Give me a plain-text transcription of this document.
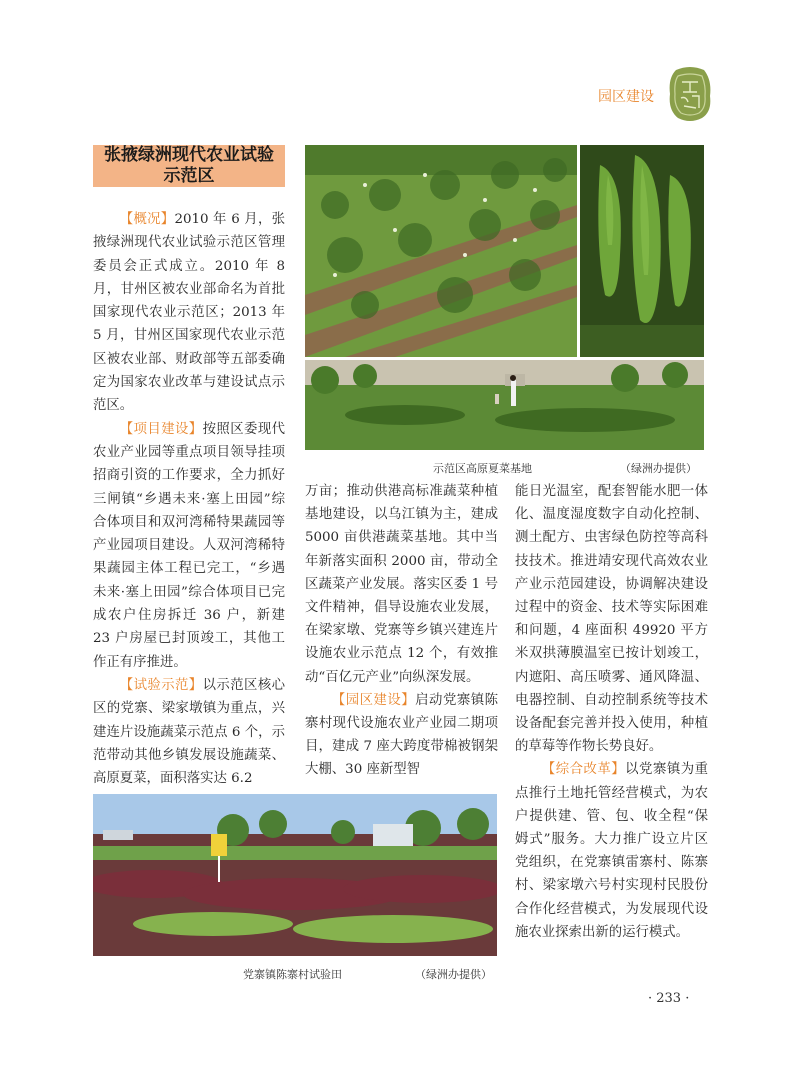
园区建设
张掖绿洲现代农业试验
示范区

【概况】2010 年 6 月，张掖绿洲现代农业试验示范区管理委员会正式成立。2010 年 8 月，甘州区被农业部命名为首批国家现代农业示范区；2013 年 5 月，甘州区国家现代农业示范区被农业部、财政部等五部委确定为国家农业改革与建设试点示范区。

【项目建设】按照区委现代农业产业园等重点项目领导挂项招商引资的工作要求，全力抓好三闸镇“乡遇未来·塞上田园”综合体项目和双河湾稀特果蔬园等产业园项目建设。人双河湾稀特果蔬园主体工程已完工，“乡遇未来·塞上田园”综合体项目已完成农户住房拆迁 36 户，新建 23 户房屋已封顶竣工，其他工作正有序推进。

【试验示范】以示范区核心区的党寨、梁家墩镇为重点，兴建连片设施蔬菜示范点 6 个，示范带动其他乡镇发展设施蔬菜、高原夏菜，面积落实达 6.2

示范区高原夏菜基地	（绿洲办提供）

万亩；推动供港高标准蔬菜种植基地建设，以乌江镇为主，建成 5000 亩供港蔬菜基地。其中当年新落实面积 2000 亩，带动全区蔬菜产业发展。落实区委 1 号文件精神，倡导设施农业发展，在梁家墩、党寨等乡镇兴建连片设施农业示范点 12 个，有效推动“百亿元产业”向纵深发展。

【园区建设】启动党寨镇陈寨村现代设施农业产业园二期项目，建成 7 座大跨度带棉被钢架大棚、30 座新型智

能日光温室，配套智能水肥一体化、温度湿度数字自动化控制、测土配方、虫害绿色防控等高科技技术。推进靖安现代高效农业产业示范园建设，协调解决建设过程中的资金、技术等实际困难和问题，4 座面积 49920 平方米双拱薄膜温室已按计划竣工，内遮阳、高压喷雾、通风降温、电器控制、自动控制系统等技术设备配套完善并投入使用，种植的草莓等作物长势良好。

【综合改革】以党寨镇为重点推行土地托管经营模式，为农户提供建、管、包、收全程“保姆式”服务。大力推广设立片区党组织，在党寨镇雷寨村、陈寨村、梁家墩六号村实现村民股份合作化经营模式，为发展现代设施农业探索出新的运行模式。

党寨镇陈寨村试验田	（绿洲办提供）
· 233 ·
